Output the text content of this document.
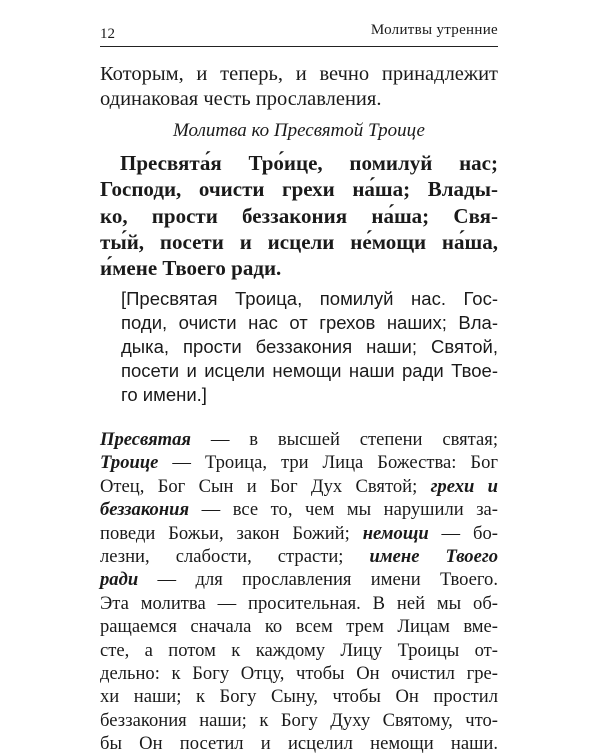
12	Молитвы утренние
Которым, и теперь, и вечно принадлежит
одинаковая честь прославления.
Молитва ко Пресвятой Троице
Пресвята́я Тро́ице, помилуй нас;
Господи, очисти грехи на́ша; Влады-
ко, прости беззакония на́ша; Свя-
ты́й, посети и исцели не́мощи на́ша,
и́мене Твоего ради.
[Пресвятая Троица, помилуй нас. Гос-
поди, очисти нас от грехов наших; Вла-
дыка, прости беззакония наши; Святой,
посети и исцели немощи наши ради Твое-
го имени.]
Пресвятая — в высшей степени святая;
Троице — Троица, три Лица Божества: Бог
Отец, Бог Сын и Бог Дух Святой; грехи и
беззакония — все то, чем мы нарушили за-
поведи Божьи, закон Божий; немощи — бо-
лезни, слабости, страсти; имене Твоего
ради — для прославления имени Твоего.
Эта молитва — просительная. В ней мы об-
ращаемся сначала ко всем трем Лицам вме-
сте, а потом к каждому Лицу Троицы от-
дельно: к Богу Отцу, чтобы Он очистил гре-
хи наши; к Богу Сыну, чтобы Он простил
беззакония наши; к Богу Духу Святому, что-
бы Он посетил и исцелил немощи наши.
